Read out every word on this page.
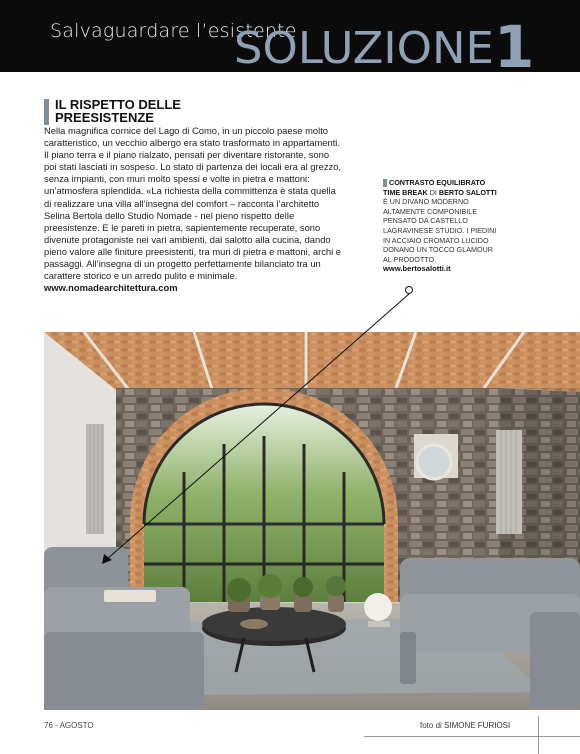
Salvaguardare l’esistente
SOLUZIONE 1
IL RISPETTO DELLE PREESISTENZE
Nella magnifica cornice del Lago di Como, in un piccolo paese molto caratteristico, un vecchio albergo era stato trasformato in appartamenti. Il piano terra e il piano rialzato, pensati per diventare ristorante, sono poi stati lasciati in sospeso. Lo stato di partenza dei locali era al grezzo, senza impianti, con muri molto spessi e volte in pietra e mattoni: un’atmosfera splendida. «La richiesta della committenza è stata quella di realizzare una villa all’insegna del comfort – racconta l’architetto Selina Bertola dello Studio Nomade - nel pieno rispetto delle preesistenze. E le pareti in pietra, sapientemente recuperate, sono divenute protagoniste nei vari ambienti, dal salotto alla cucina, dando pieno valore alle finiture preesistenti, tra muri di pietra e mattoni, archi e passaggi. All’insegna di un progetto perfettamente bilanciato tra un carattere storico e un arredo pulito e minimale.
www.nomadearchitettura.com
CONTRASTO EQUILIBRATO
TIME BREAK DI BERTO SALOTTI È UN DIVANO MODERNO ALTAMENTE COMPONIBILE PENSATO DA CASTELLO LAGRAVINESE STUDIO. I PIEDINI IN ACCIAIO CROMATO LUCIDO DONANO UN TOCCO GLAMOUR AL PRODOTTO.
www.bertosalotti.it
76 - AGOSTO	foto di SIMONE FURIOSI
